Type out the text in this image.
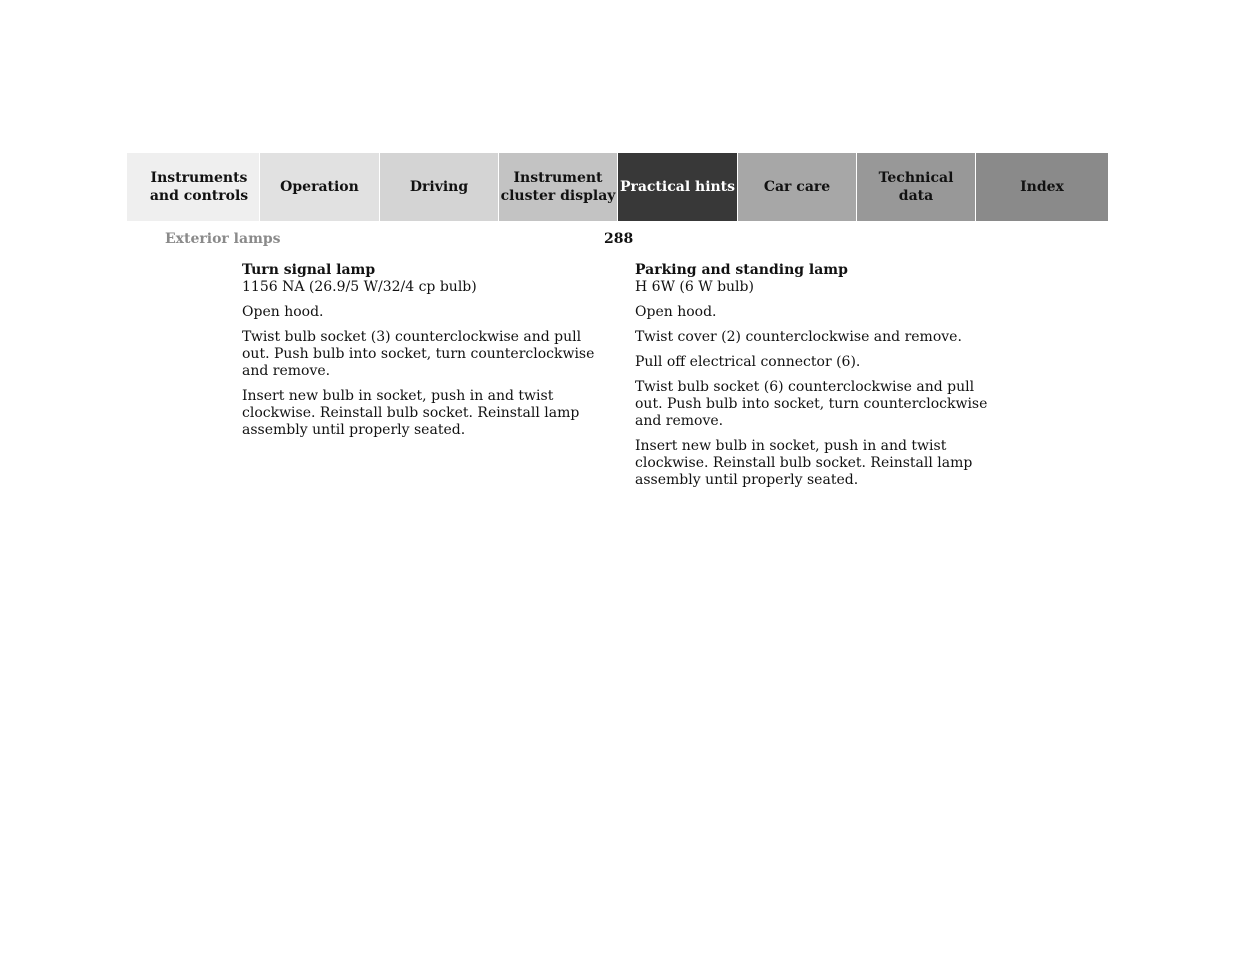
Instruments
and controls
Operation	Driving
Instrument
cluster display
Practical hints	Car care
Technical
data
Index
Exterior lamps	288
Turn signal lamp
1156 NA (26.9/5 W/32/4 cp bulb)

Open hood.

Twist bulb socket (3) counterclockwise and pull out. Push bulb into socket, turn counterclockwise and remove.

Insert new bulb in socket, push in and twist clockwise. Reinstall bulb socket. Reinstall lamp assembly until properly seated.

Parking and standing lamp
H 6W (6 W bulb)

Open hood.

Twist cover (2) counterclockwise and remove.

Pull off electrical connector (6).

Twist bulb socket (6) counterclockwise and pull out. Push bulb into socket, turn counterclockwise and remove.

Insert new bulb in socket, push in and twist clockwise. Reinstall bulb socket. Reinstall lamp assembly until properly seated.
